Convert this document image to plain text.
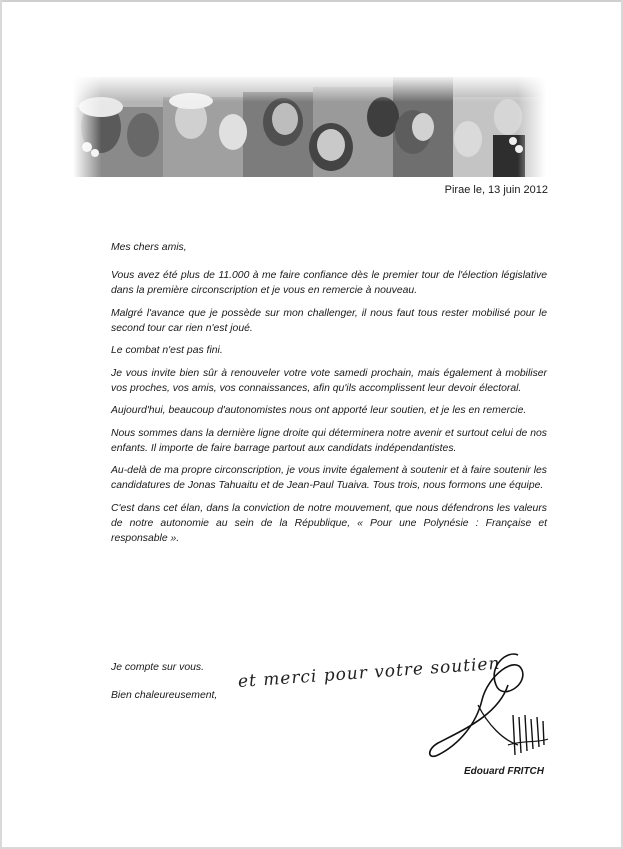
Pirae le, 13 juin 2012

Mes chers amis,

Vous avez été plus de 11.000 à me faire confiance dès le premier tour de l'élection législative dans la première circonscription et je vous en remercie à nouveau.

Malgré l'avance que je possède sur mon challenger, il nous faut tous rester mobilisé pour le second tour car rien n'est joué.

Le combat n'est pas fini.

Je vous invite bien sûr à renouveler votre vote samedi prochain, mais également à mobiliser vos proches, vos amis, vos connaissances, afin qu'ils accomplissent leur devoir électoral.

Aujourd'hui, beaucoup d'autonomistes nous ont apporté leur soutien, et je les en remercie.

Nous sommes dans la dernière ligne droite qui déterminera notre avenir et surtout celui de nos enfants. Il importe de faire barrage partout aux candidats indépendantistes.

Au-delà de ma propre circonscription, je vous invite également à soutenir et à faire soutenir les candidatures de Jonas Tahuaitu et de Jean-Paul Tuaiva. Tous trois, nous formons une équipe.

C'est dans cet élan, dans la conviction de notre mouvement, que nous défendrons les valeurs de notre autonomie au sein de la République, « Pour une Polynésie : Française et responsable ».

Je compte sur vous.
Bien chaleureusement,
et merci pour votre soutien
Edouard FRITCH
